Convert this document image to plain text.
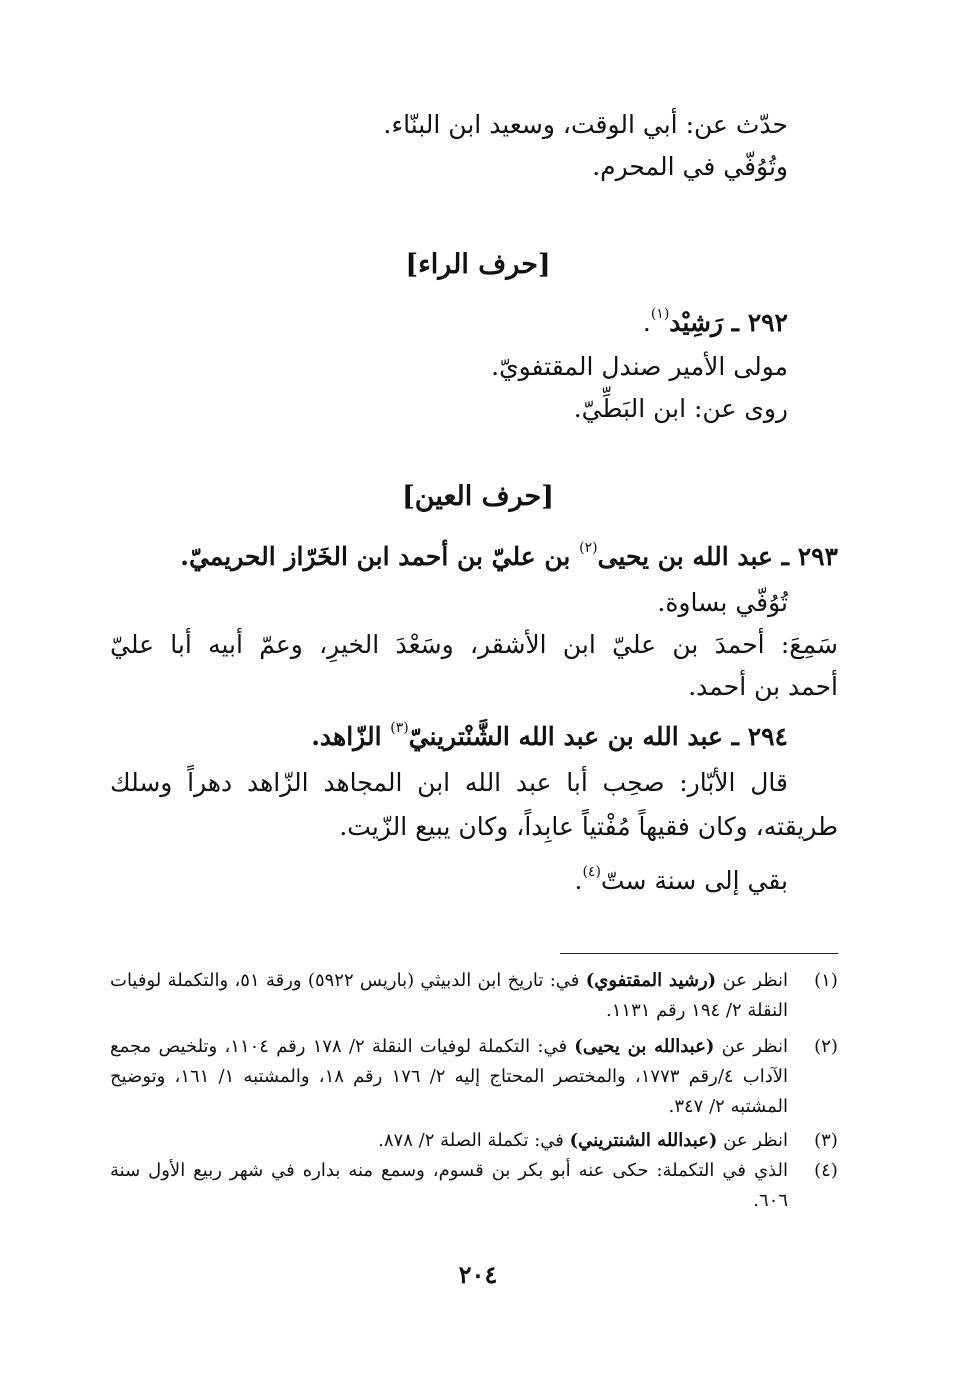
حدّث عن: أبي الوقت، وسعيد ابن البنّاء.
وتُوُفّي في المحرم.
[حرف الراء]
٢٩٢ ـ رَشِيْد$^{(١)}$.
مولى الأمير صندل المقتفويّ.
روى عن: ابن البَطِّيّ.
[حرف العين]
٢٩٣ ـ عبد الله بن يحيى$^{(٢)}$ بن عليّ بن أحمد ابن الخَرّاز الحريميّ.
تُوُفّي بساوة.
سَمِعَ: أحمدَ بن عليّ ابن الأشقر، وسَعْدَ الخيرِ، وعمّ أبيه أبا عليّ
أحمد بن أحمد.
٢٩٤ ـ عبد الله بن عبد الله الشَّنْترينيّ$^{(٣)}$ الزّاهد.
قال الأبّار: صحِب أبا عبد الله ابن المجاهد الزّاهد دهراً وسلك
طريقته، وكان فقيهاً مُفْتياً عابِداً، وكان يبيع الزّيت.
بقي إلى سنة ستّ$^{(٤)}$.
(١)
انظر عن (رشيد المقتفوي) في: تاريخ ابن الدبيثي (باريس ٥٩٢٢) ورقة ٥١، والتكملة لوفيات النقلة ٢/ ١٩٤ رقم ١١٣١.
(٢)
انظر عن (عبدالله بن يحيى) في: التكملة لوفيات النقلة ٢/ ١٧٨ رقم ١١٠٤، وتلخيص مجمع الآداب ٤/رقم ١٧٧٣، والمختصر المحتاج إليه ٢/ ١٧٦ رقم ١٨، والمشتبه ١/ ١٦١، وتوضيح المشتبه ٢/ ٣٤٧.
(٣)
انظر عن (عبدالله الشنتريني) في: تكملة الصلة ٢/ ٨٧٨.
(٤)
الذي في التكملة: حكى عنه أبو بكر بن قسوم، وسمع منه بداره في شهر ربيع الأول سنة ٦٠٦.
٢٠٤
